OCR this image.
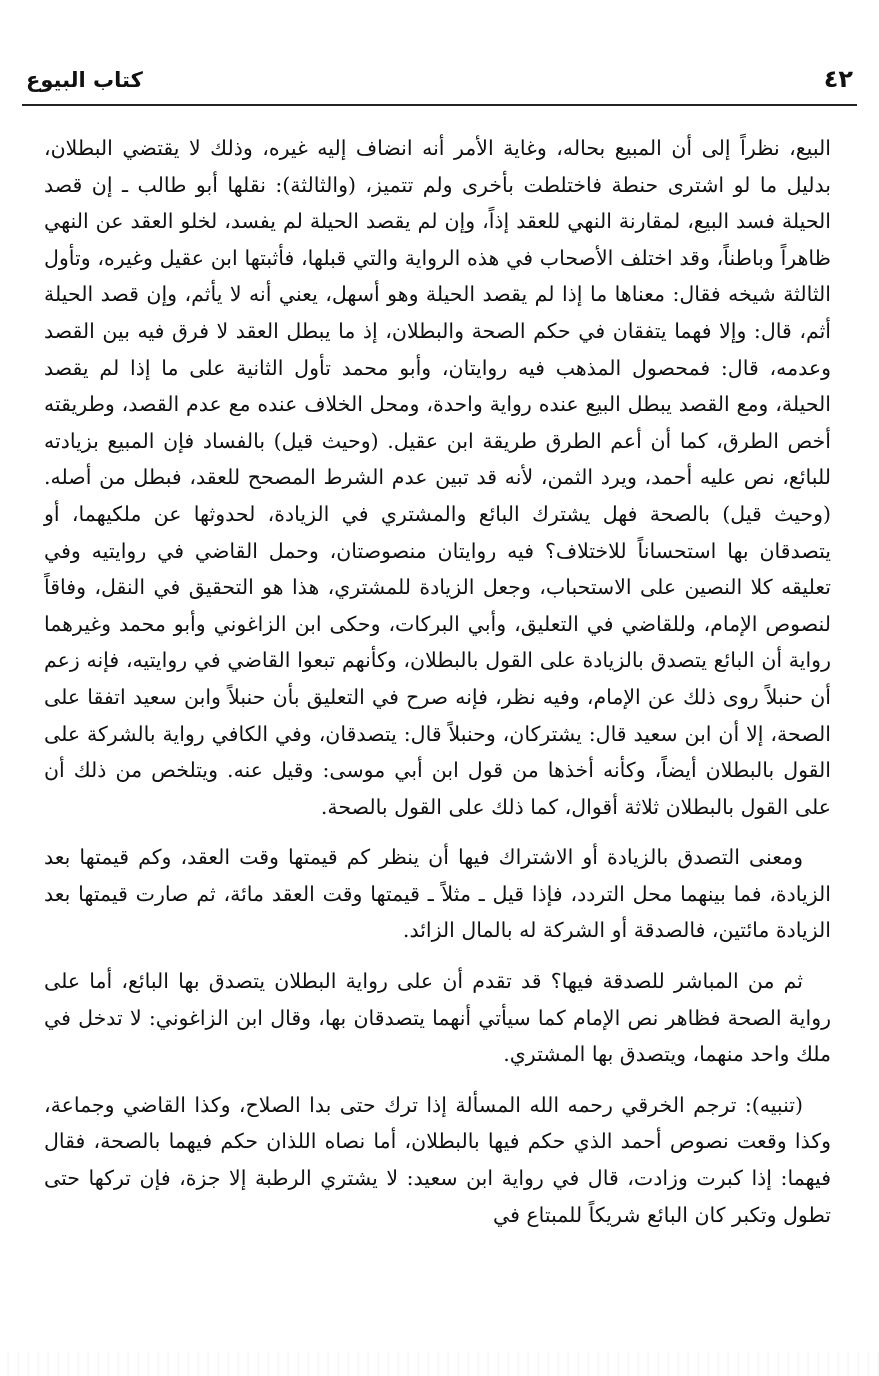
٤٢
كتاب البيوع

البيع، نظراً إلى أن المبيع بحاله، وغاية الأمر أنه انضاف إليه غيره، وذلك لا يقتضي البطلان، بدليل ما لو اشترى حنطة فاختلطت بأخرى ولم تتميز، (والثالثة): نقلها أبو طالب ـ إن قصد الحيلة فسد البيع، لمقارنة النهي للعقد إذاً، وإن لم يقصد الحيلة لم يفسد، لخلو العقد عن النهي ظاهراً وباطناً، وقد اختلف الأصحاب في هذه الرواية والتي قبلها، فأثبتها ابن عقيل وغيره، وتأول الثالثة شيخه فقال: معناها ما إذا لم يقصد الحيلة وهو أسهل، يعني أنه لا يأثم، وإن قصد الحيلة أثم، قال: وإلا فهما يتفقان في حكم الصحة والبطلان، إذ ما يبطل العقد لا فرق فيه بين القصد وعدمه، قال: فمحصول المذهب فيه روايتان، وأبو محمد تأول الثانية على ما إذا لم يقصد الحيلة، ومع القصد يبطل البيع عنده رواية واحدة، ومحل الخلاف عنده مع عدم القصد، وطريقته أخص الطرق، كما أن أعم الطرق طريقة ابن عقيل. (وحيث قيل) بالفساد فإن المبيع بزيادته للبائع، نص عليه أحمد، ويرد الثمن، لأنه قد تبين عدم الشرط المصحح للعقد، فبطل من أصله. (وحيث قيل) بالصحة فهل يشترك البائع والمشتري في الزيادة، لحدوثها عن ملكيهما، أو يتصدقان بها استحساناً للاختلاف؟ فيه روايتان منصوصتان، وحمل القاضي في روايتيه وفي تعليقه كلا النصين على الاستحباب، وجعل الزيادة للمشتري، هذا هو التحقيق في النقل، وفاقاً لنصوص الإمام، وللقاضي في التعليق، وأبي البركات، وحكى ابن الزاغوني وأبو محمد وغيرهما رواية أن البائع يتصدق بالزيادة على القول بالبطلان، وكأنهم تبعوا القاضي في روايتيه، فإنه زعم أن حنبلاً روى ذلك عن الإمام، وفيه نظر، فإنه صرح في التعليق بأن حنبلاً وابن سعيد اتفقا على الصحة، إلا أن ابن سعيد قال: يشتركان، وحنبلاً قال: يتصدقان، وفي الكافي رواية بالشركة على القول بالبطلان أيضاً، وكأنه أخذها من قول ابن أبي موسى: وقيل عنه. ويتلخص من ذلك أن على القول بالبطلان ثلاثة أقوال، كما ذلك على القول بالصحة.

ومعنى التصدق بالزيادة أو الاشتراك فيها أن ينظر كم قيمتها وقت العقد، وكم قيمتها بعد الزيادة، فما بينهما محل التردد، فإذا قيل ـ مثلاً ـ قيمتها وقت العقد مائة، ثم صارت قيمتها بعد الزيادة مائتين، فالصدقة أو الشركة له بالمال الزائد.

ثم من المباشر للصدقة فيها؟ قد تقدم أن على رواية البطلان يتصدق بها البائع، أما على رواية الصحة فظاهر نص الإمام كما سيأتي أنهما يتصدقان بها، وقال ابن الزاغوني: لا تدخل في ملك واحد منهما، ويتصدق بها المشتري.

(تنبيه): ترجم الخرقي رحمه الله المسألة إذا ترك حتى بدا الصلاح، وكذا القاضي وجماعة، وكذا وقعت نصوص أحمد الذي حكم فيها بالبطلان، أما نصاه اللذان حكم فيهما بالصحة، فقال فيهما: إذا كبرت وزادت، قال في رواية ابن سعيد: لا يشتري الرطبة إلا جزة، فإن تركها حتى تطول وتكبر كان البائع شريكاً للمبتاع في
